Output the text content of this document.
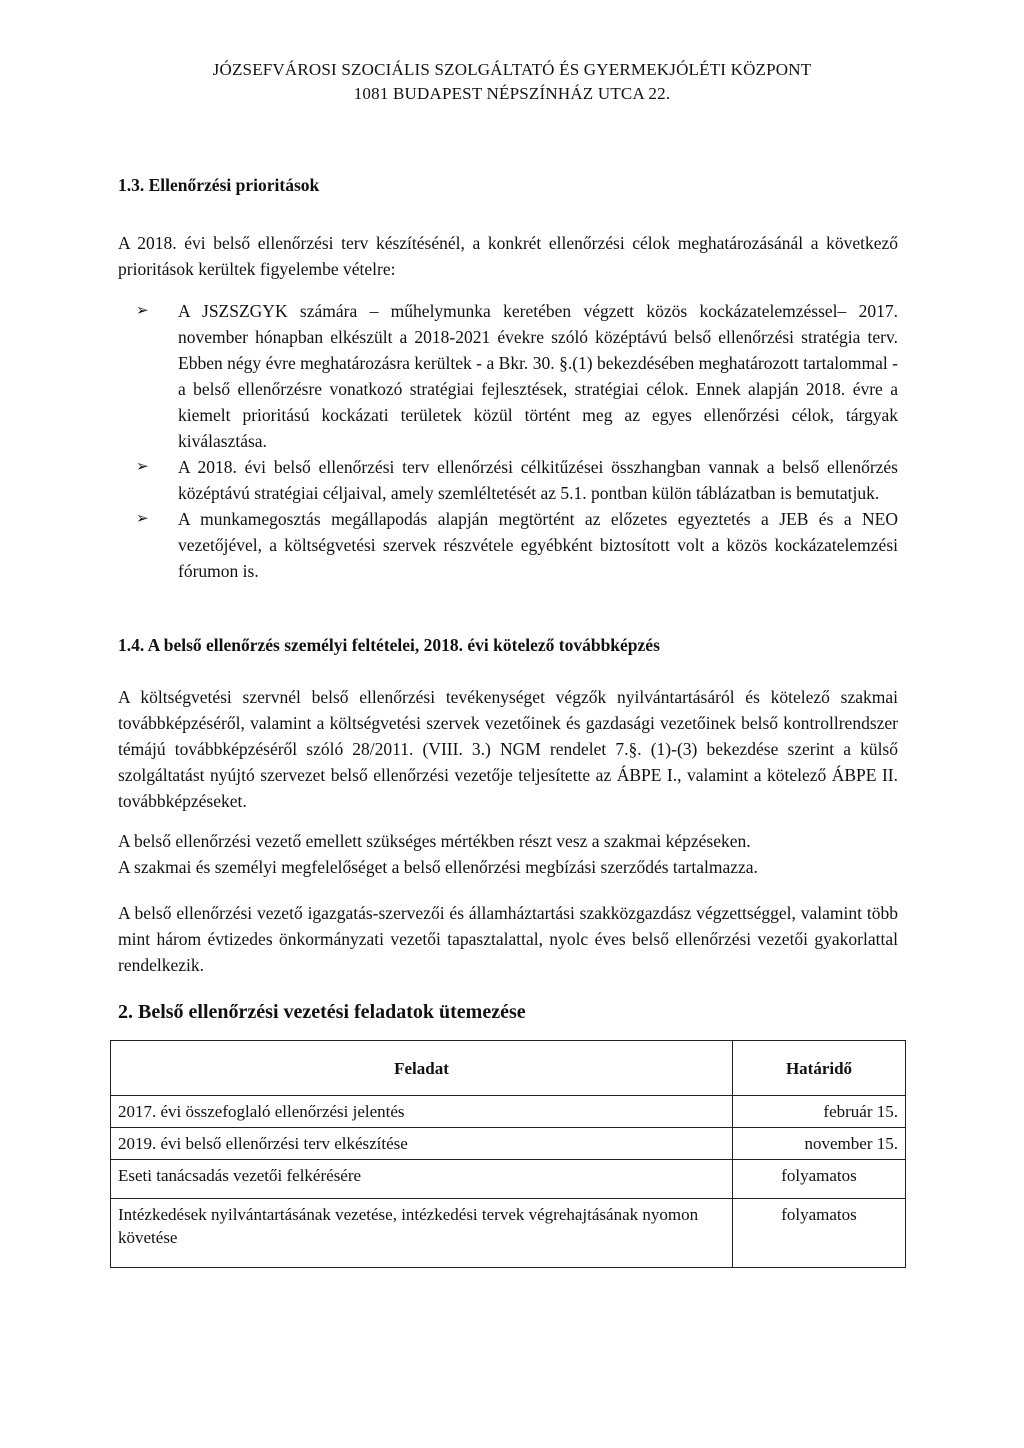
JÓZSEFVÁROSI SZOCIÁLIS SZOLGÁLTATÓ ÉS GYERMEKJÓLÉTI KÖZPONT
1081 BUDAPEST NÉPSZÍNHÁZ UTCA 22.
1.3. Ellenőrzési prioritások
A 2018. évi belső ellenőrzési terv készítésénél, a konkrét ellenőrzési célok meghatározásánál a következő prioritások kerültek figyelembe vételre:
➢	A JSZSZGYK számára – műhelymunka keretében végzett közös kockázatelemzéssel– 2017. november hónapban elkészült a 2018-2021 évekre szóló középtávú belső ellenőrzési stratégia terv. Ebben négy évre meghatározásra kerültek - a Bkr. 30. §.(1) bekezdésében meghatározott tartalommal - a belső ellenőrzésre vonatkozó stratégiai fejlesztések, stratégiai célok. Ennek alapján 2018. évre a kiemelt prioritású kockázati területek közül történt meg az egyes ellenőrzési célok, tárgyak kiválasztása.
➢	A 2018. évi belső ellenőrzési terv ellenőrzési célkitűzései összhangban vannak a belső ellenőrzés középtávú stratégiai céljaival, amely szemléltetését az 5.1. pontban külön táblázatban is bemutatjuk.
➢	A munkamegosztás megállapodás alapján megtörtént az előzetes egyeztetés a JEB és a NEO vezetőjével, a költségvetési szervek részvétele egyébként biztosított volt a közös kockázatelemzési fórumon is.
1.4. A belső ellenőrzés személyi feltételei, 2018. évi kötelező továbbképzés
A költségvetési szervnél belső ellenőrzési tevékenységet végzők nyilvántartásáról és kötelező szakmai továbbképzéséről, valamint a költségvetési szervek vezetőinek és gazdasági vezetőinek belső kontrollrendszer témájú továbbképzéséről szóló 28/2011. (VIII. 3.) NGM rendelet 7.§. (1)-(3) bekezdése szerint a külső szolgáltatást nyújtó szervezet belső ellenőrzési vezetője teljesítette az ÁBPE I., valamint a kötelező ÁBPE II. továbbképzéseket.
A belső ellenőrzési vezető emellett szükséges mértékben részt vesz a szakmai képzéseken.
A szakmai és személyi megfelelőséget a belső ellenőrzési megbízási szerződés tartalmazza.
A belső ellenőrzési vezető igazgatás-szervezői és államháztartási szakközgazdász végzettséggel, valamint több mint három évtizedes önkormányzati vezetői tapasztalattal, nyolc éves belső ellenőrzési vezetői gyakorlattal rendelkezik.
2. Belső ellenőrzési vezetési feladatok ütemezése
Feladat	Határidő
2017. évi összefoglaló ellenőrzési jelentés	február 15.
2019. évi belső ellenőrzési terv elkészítése	november 15.
Eseti tanácsadás vezetői felkérésére	folyamatos
Intézkedések nyilvántartásának vezetése, intézkedési tervek végrehajtásának nyomon követése	folyamatos
